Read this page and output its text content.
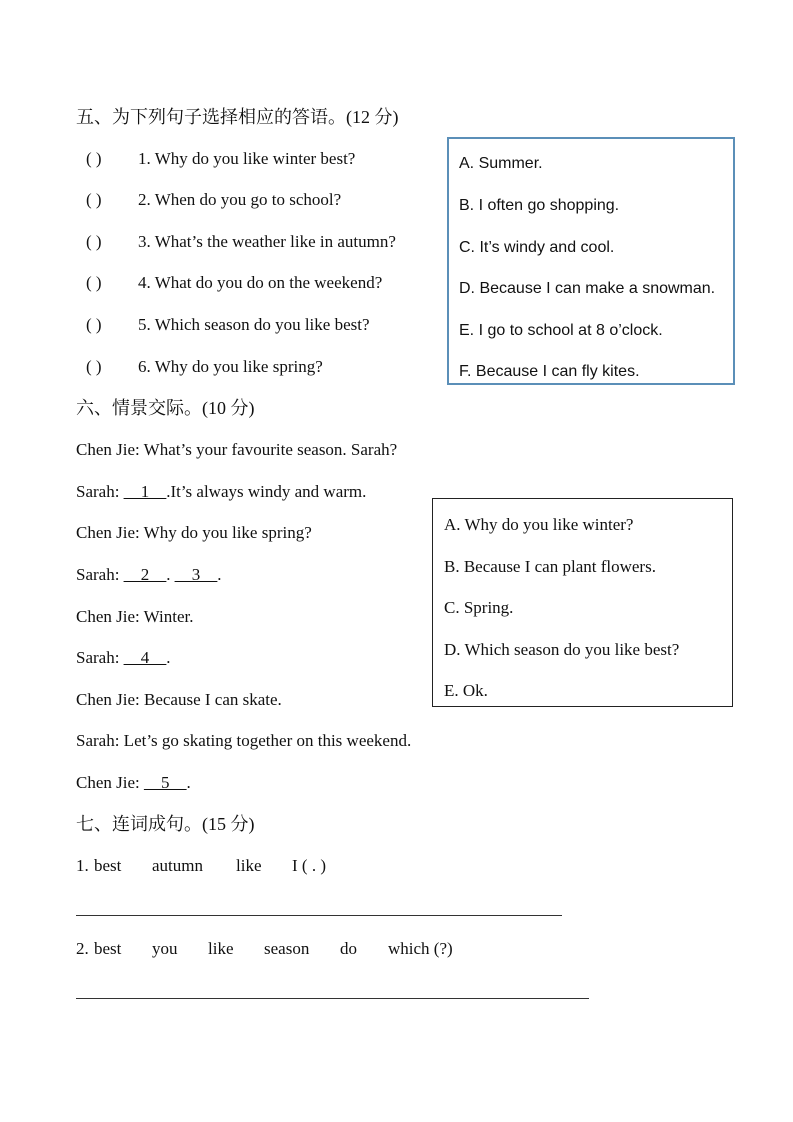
五、为下列句子选择相应的答语。(12 分)
( ) 1. Why do you like winter best?
( ) 2. When do you go to school?
( ) 3. What’s the weather like in autumn?
( ) 4. What do you do on the weekend?
( ) 5. Which season do you like best?
( ) 6. Why do you like spring?
A. Summer.
B. I often go shopping.
C. It’s windy and cool.
D. Because I can make a snowman.
E. I go to school at 8 o’clock.
F. Because I can fly kites.
六、情景交际。(10 分)
Chen Jie: What’s your favourite season. Sarah?
Sarah: __1__.It’s always windy and warm.
Chen Jie: Why do you like spring?
Sarah: __2__. __3__.
Chen Jie: Winter.
Sarah: __4__.
Chen Jie: Because I can skate.
Sarah: Let’s go skating together on this weekend.
Chen Jie: __5__.
A. Why do you like winter?
B. Because I can plant flowers.
C. Spring.
D. Which season do you like best?
E. Ok.
七、连词成句。(15 分)
1. best autumn like I ( . )
2. best you like season do which (?)
